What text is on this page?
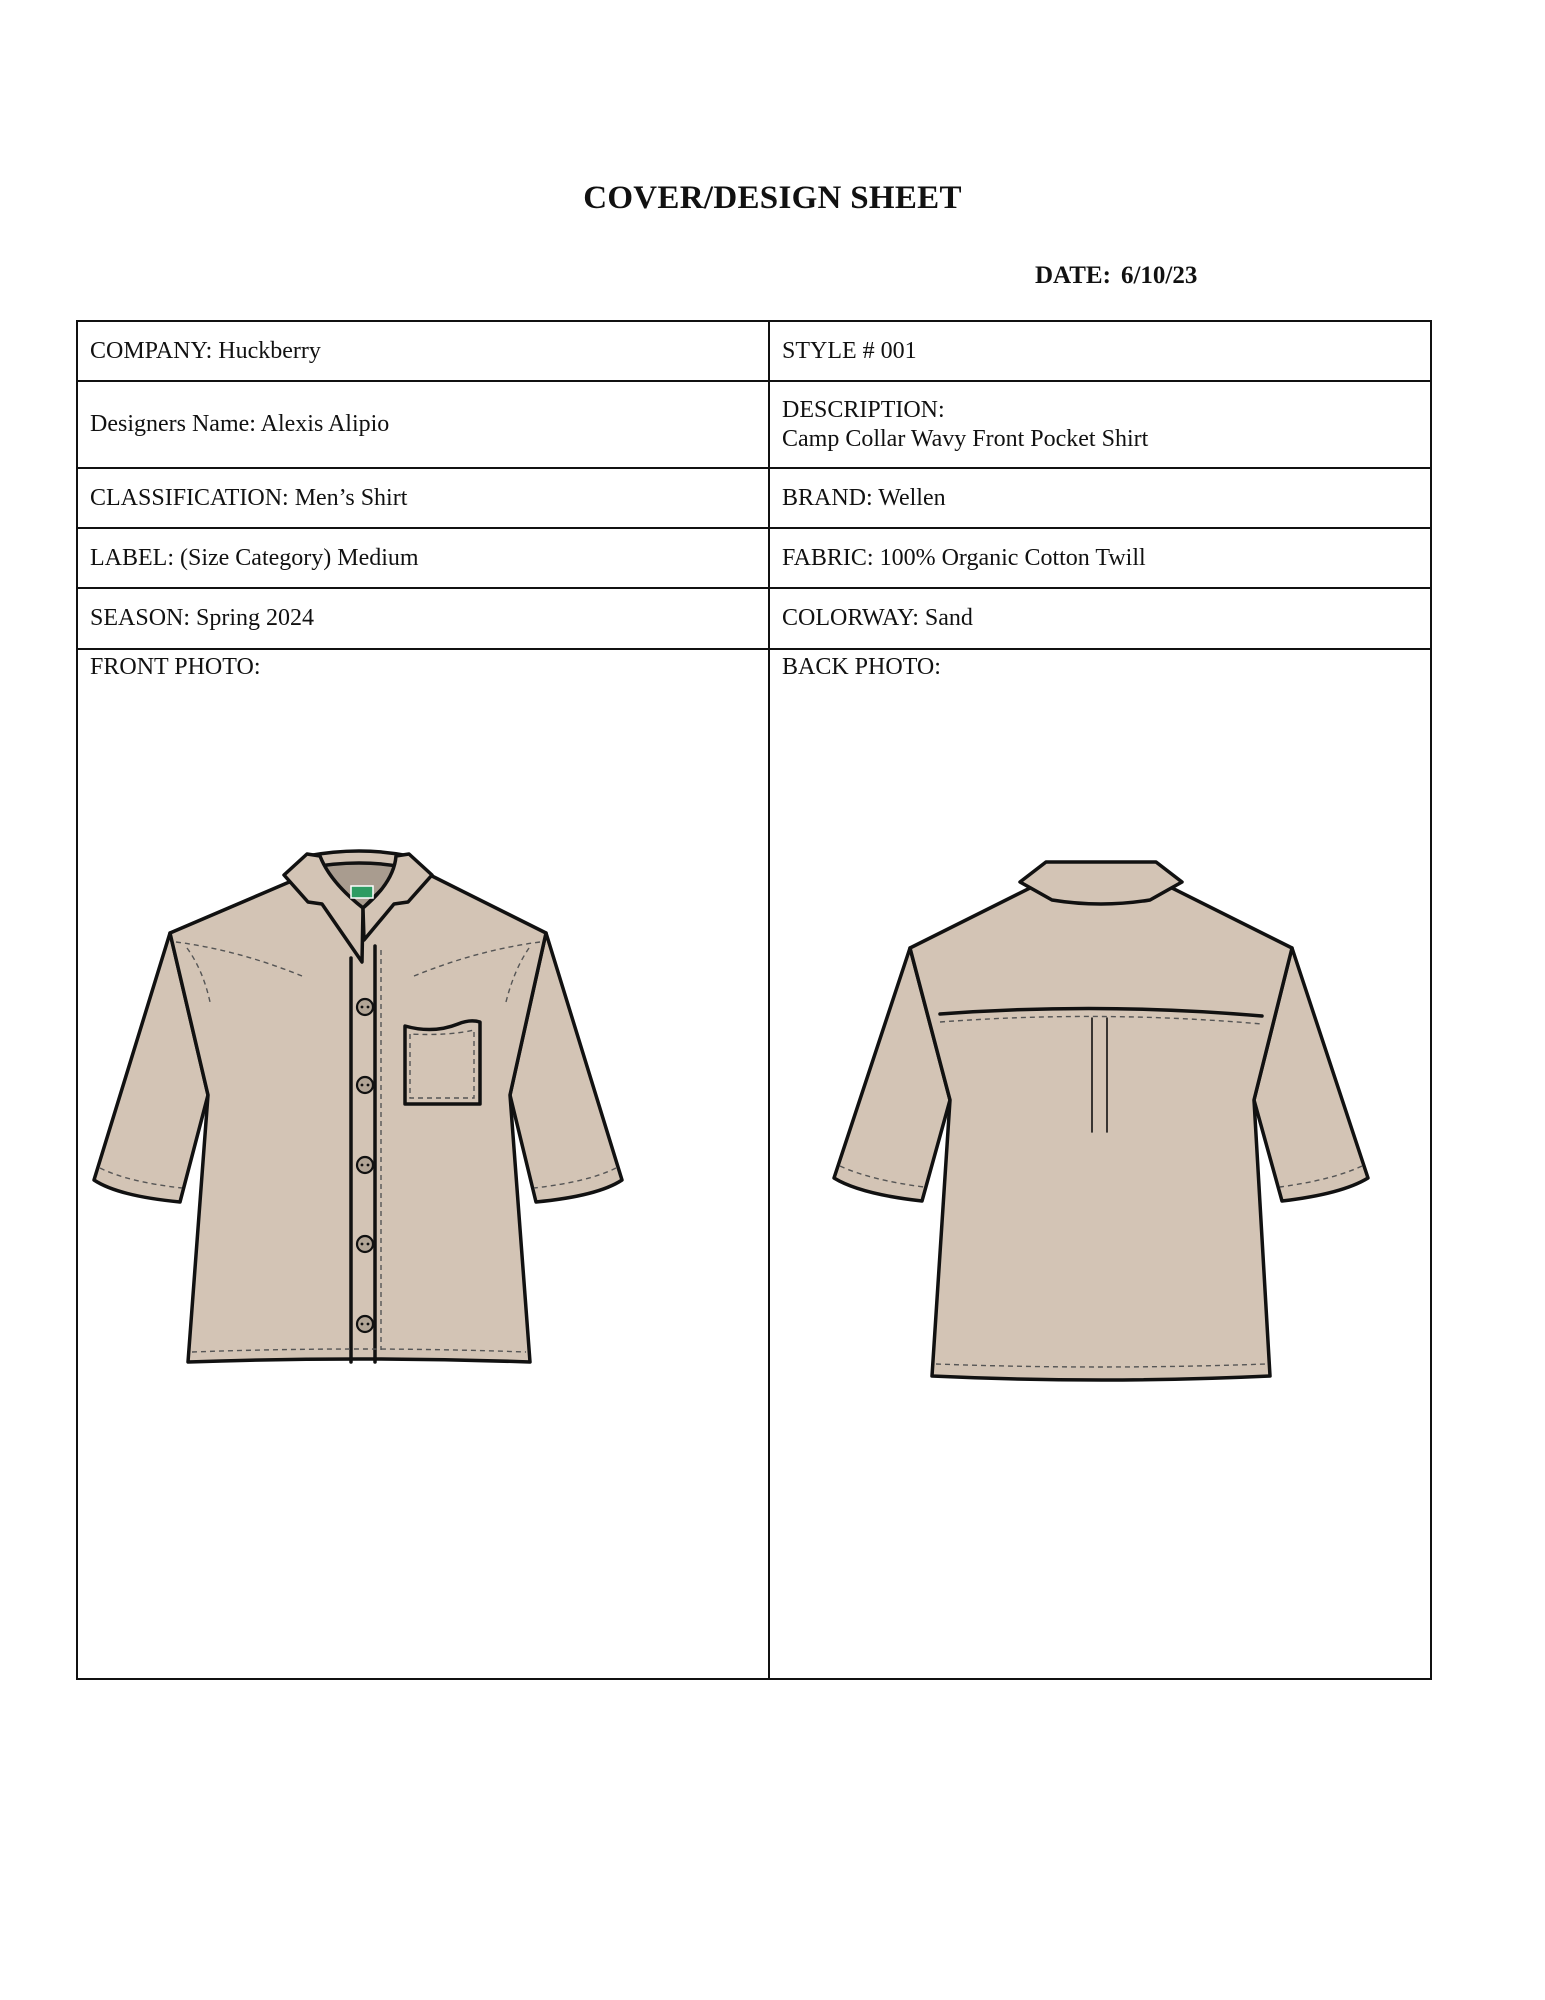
COVER/DESIGN SHEET
DATE: 6/10/23
COMPANY: Huckberry	STYLE # 001
Designers Name: Alexis Alipio
DESCRIPTION:
Camp Collar Wavy Front Pocket Shirt
CLASSIFICATION: Men’s Shirt	BRAND: Wellen
LABEL: (Size Category) Medium	FABRIC: 100% Organic Cotton Twill
SEASON: Spring 2024	COLORWAY: Sand
FRONT PHOTO:	BACK PHOTO:
